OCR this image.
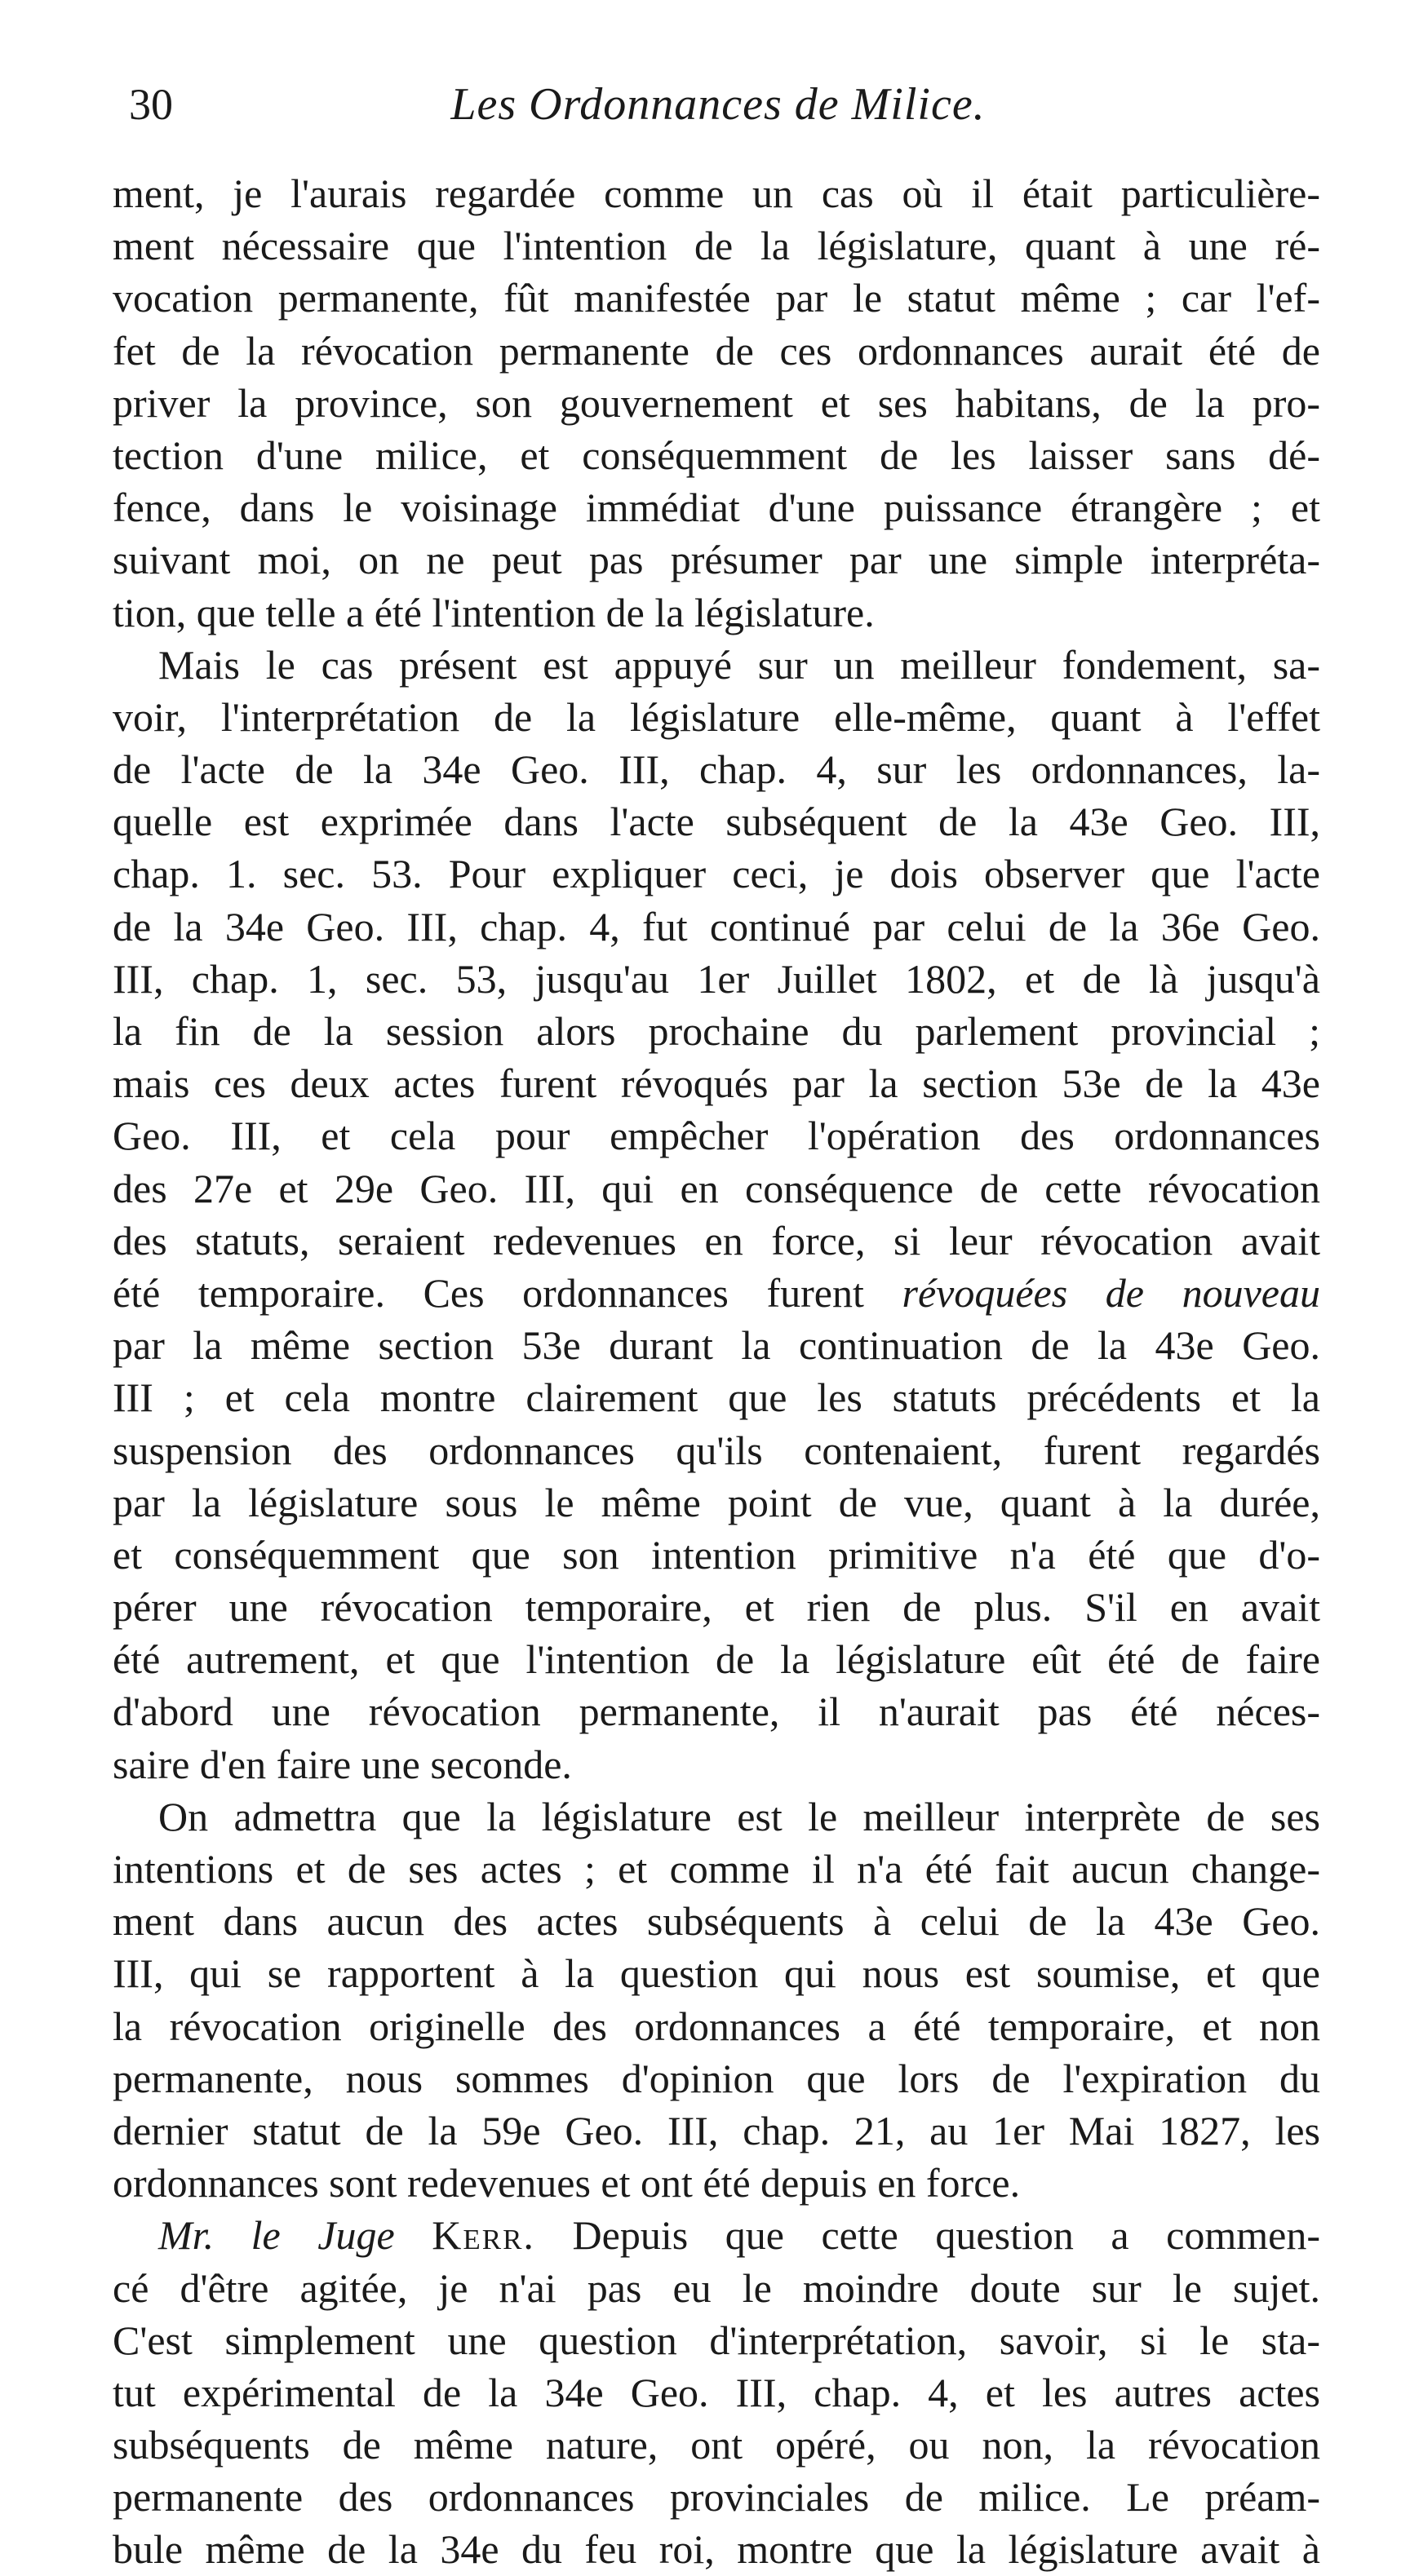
30	Les Ordonnances de Milice.
ment, je l'aurais regardée comme un cas où il était particulière-
ment nécessaire que l'intention de la législature, quant à une ré-
vocation permanente, fût manifestée par le statut même ; car l'ef-
fet de la révocation permanente de ces ordonnances aurait été de
priver la province, son gouvernement et ses habitans, de la pro-
tection d'une milice, et conséquemment de les laisser sans dé-
fence, dans le voisinage immédiat d'une puissance étrangère ; et
suivant moi, on ne peut pas présumer par une simple interpréta-
tion, que telle a été l'intention de la législature.
Mais le cas présent est appuyé sur un meilleur fondement, sa-
voir, l'interprétation de la législature elle-même, quant à l'effet
de l'acte de la 34e Geo. III, chap. 4, sur les ordonnances, la-
quelle est exprimée dans l'acte subséquent de la 43e Geo. III,
chap. 1. sec. 53. Pour expliquer ceci, je dois observer que l'acte
de la 34e Geo. III, chap. 4, fut continué par celui de la 36e Geo.
III, chap. 1, sec. 53, jusqu'au 1er Juillet 1802, et de là jusqu'à
la fin de la session alors prochaine du parlement provincial ;
mais ces deux actes furent révoqués par la section 53e de la 43e
Geo. III, et cela pour empêcher l'opération des ordonnances
des 27e et 29e Geo. III, qui en conséquence de cette révocation
des statuts, seraient redevenues en force, si leur révocation avait
été temporaire. Ces ordonnances furent révoquées de nouveau
par la même section 53e durant la continuation de la 43e Geo.
III ; et cela montre clairement que les statuts précédents et la
suspension des ordonnances qu'ils contenaient, furent regardés
par la législature sous le même point de vue, quant à la durée,
et conséquemment que son intention primitive n'a été que d'o-
pérer une révocation temporaire, et rien de plus. S'il en avait
été autrement, et que l'intention de la législature eût été de faire
d'abord une révocation permanente, il n'aurait pas été néces-
saire d'en faire une seconde.
On admettra que la législature est le meilleur interprète de ses
intentions et de ses actes ; et comme il n'a été fait aucun change-
ment dans aucun des actes subséquents à celui de la 43e Geo.
III, qui se rapportent à la question qui nous est soumise, et que
la révocation originelle des ordonnances a été temporaire, et non
permanente, nous sommes d'opinion que lors de l'expiration du
dernier statut de la 59e Geo. III, chap. 21, au 1er Mai 1827, les
ordonnances sont redevenues et ont été depuis en force.
Mr. le Juge Kerr. Depuis que cette question a commen-
cé d'être agitée, je n'ai pas eu le moindre doute sur le sujet.
C'est simplement une question d'interprétation, savoir, si le sta-
tut expérimental de la 34e Geo. III, chap. 4, et les autres actes
subséquents de même nature, ont opéré, ou non, la révocation
permanente des ordonnances provinciales de milice. Le préam-
bule même de la 34e du feu roi, montre que la législature avait à
